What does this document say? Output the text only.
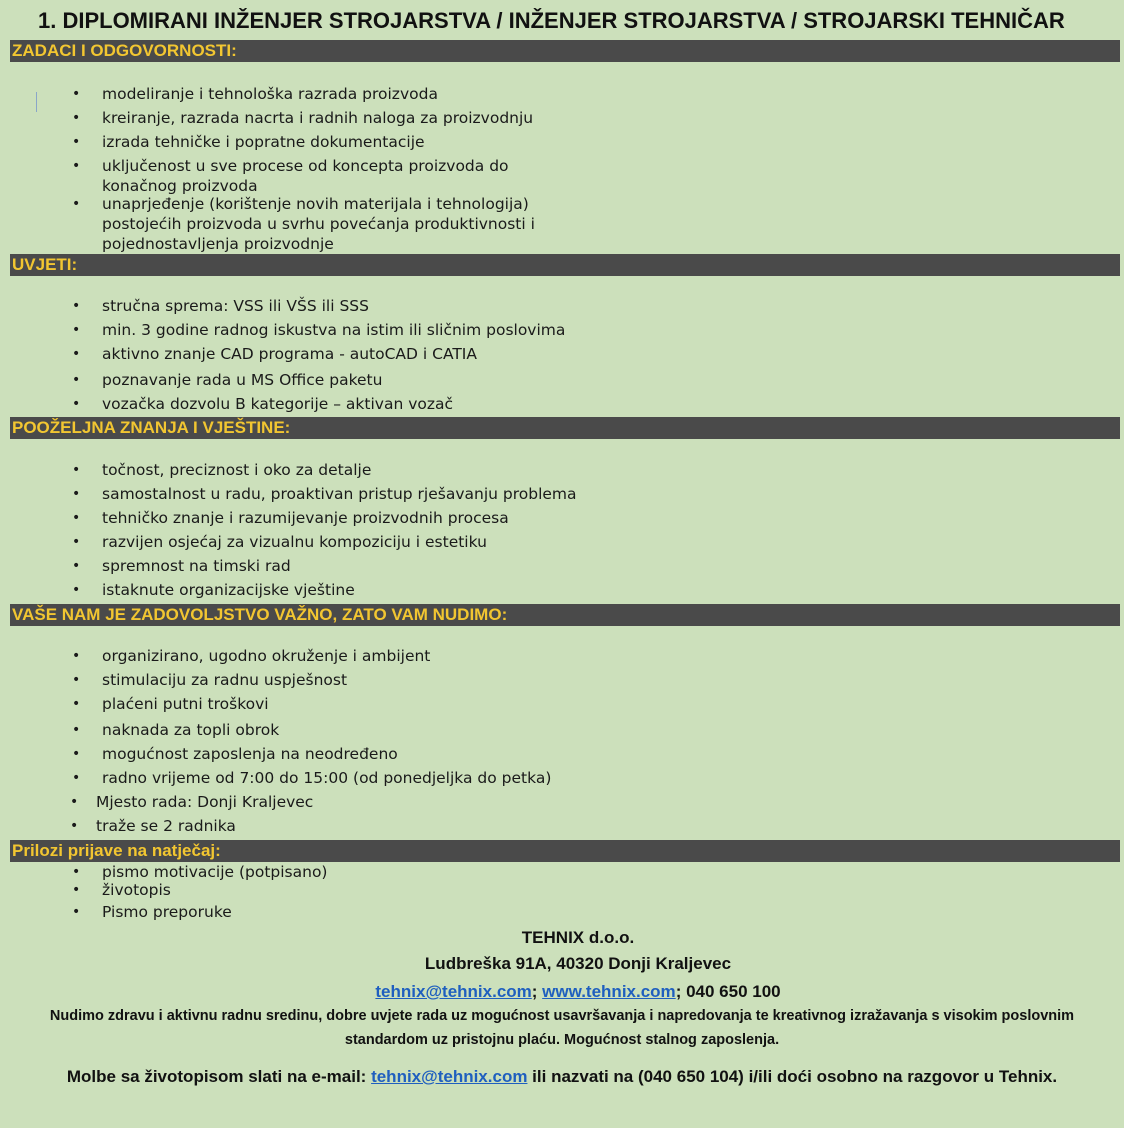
1. DIPLOMIRANI INŽENJER STROJARSTVA / INŽENJER STROJARSTVA / STROJARSKI TEHNIČAR
ZADACI I ODGOVORNOSTI:
• modeliranje i tehnološka razrada proizvoda
• kreiranje, razrada nacrta i radnih naloga za proizvodnju
• izrada tehničke i popratne dokumentacije
• uključenost u sve procese od koncepta proizvoda do konačnog proizvoda
• unaprjeđenje (korištenje novih materijala i tehnologija) postojećih proizvoda u svrhu povećanja produktivnosti i pojednostavljenja proizvodnje
UVJETI:
• stručna sprema: VSS ili VŠS ili SSS
• min. 3 godine radnog iskustva na istim ili sličnim poslovima
• aktivno znanje CAD programa - autoCAD i CATIA
• poznavanje rada u MS Office paketu
• vozačka dozvolu B kategorije – aktivan vozač
POOŽELJNA ZNANJA I VJEŠTINE:
• točnost, preciznost i oko za detalje
• samostalnost u radu, proaktivan pristup rješavanju problema
• tehničko znanje i razumijevanje proizvodnih procesa
• razvijen osjećaj za vizualnu kompoziciju i estetiku
• spremnost na timski rad
• istaknute organizacijske vještine
VAŠE NAM JE ZADOVOLJSTVO VAŽNO, ZATO VAM NUDIMO:
• organizirano, ugodno okruženje i ambijent
• stimulaciju za radnu uspješnost
• plaćeni putni troškovi
• naknada za topli obrok
• mogućnost zaposlenja na neodređeno
• radno vrijeme od 7:00 do 15:00 (od ponedjeljka do petka)
• Mjesto rada: Donji Kraljevec
• traže se 2 radnika
Prilozi prijave na natječaj:
• pismo motivacije (potpisano)
• životopis
• Pismo preporuke
TEHNIX d.o.o.
Ludbreška 91A, 40320 Donji Kraljevec
tehnix@tehnix.com; www.tehnix.com; 040 650 100
Nudimo zdravu i aktivnu radnu sredinu, dobre uvjete rada uz mogućnost usavršavanja i napredovanja te kreativnog izražavanja s visokim poslovnim standardom uz pristojnu plaću. Mogućnost stalnog zaposlenja.
Molbe sa životopisom slati na e-mail: tehnix@tehnix.com ili nazvati na (040 650 104) i/ili doći osobno na razgovor u Tehnix.
